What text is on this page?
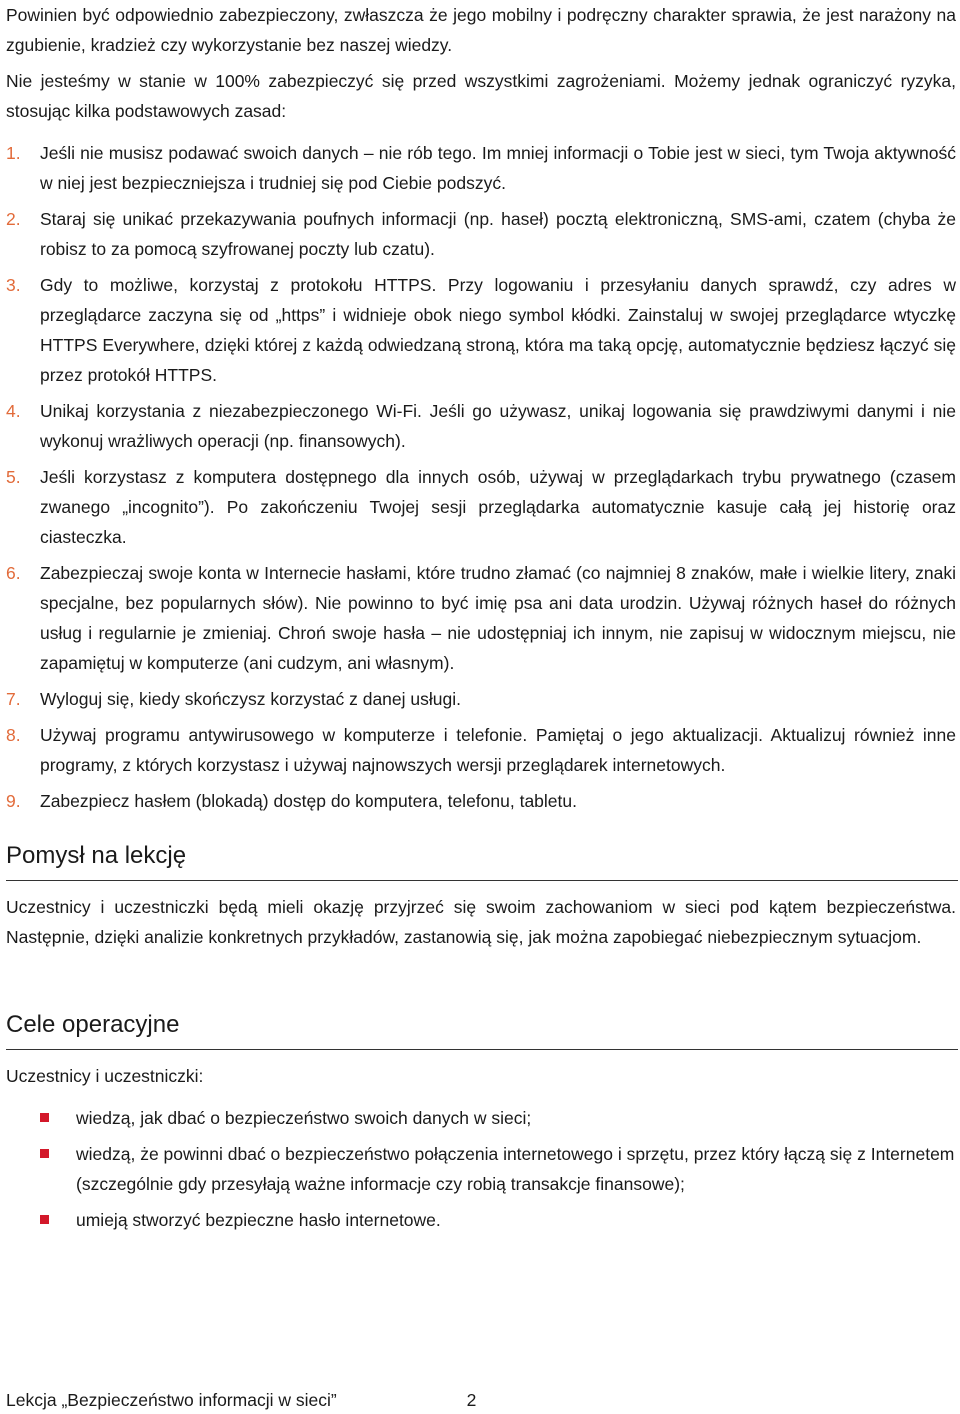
Powinien być odpowiednio zabezpieczony, zwłaszcza że jego mobilny i podręczny charakter sprawia, że jest narażony na zgubienie, kradzież czy wykorzystanie bez naszej wiedzy.

Nie jesteśmy w stanie w 100% zabezpieczyć się przed wszystkimi zagrożeniami. Możemy jednak ograniczyć ryzyka, stosując kilka podstawowych zasad:

1. Jeśli nie musisz podawać swoich danych – nie rób tego. Im mniej informacji o Tobie jest w sieci, tym Twoja aktywność w niej jest bezpieczniejsza i trudniej się pod Ciebie podszyć.
2. Staraj się unikać przekazywania poufnych informacji (np. haseł) pocztą elektroniczną, SMS-ami, czatem (chyba że robisz to za pomocą szyfrowanej poczty lub czatu).
3. Gdy to możliwe, korzystaj z protokołu HTTPS. Przy logowaniu i przesyłaniu danych sprawdź, czy adres w przeglądarce zaczyna się od „https” i widnieje obok niego symbol kłódki. Zainstaluj w swojej przeglądarce wtyczkę HTTPS Everywhere, dzięki której z każdą odwiedzaną stroną, która ma taką opcję, automatycznie będziesz łączyć się przez protokół HTTPS.
4. Unikaj korzystania z niezabezpieczonego Wi-Fi. Jeśli go używasz, unikaj logowania się prawdziwymi danymi i nie wykonuj wrażliwych operacji (np. finansowych).
5. Jeśli korzystasz z komputera dostępnego dla innych osób, używaj w przeglądarkach trybu prywatnego (czasem zwanego „incognito”). Po zakończeniu Twojej sesji przeglądarka automatycznie kasuje całą jej historię oraz ciasteczka.
6. Zabezpieczaj swoje konta w Internecie hasłami, które trudno złamać (co najmniej 8 znaków, małe i wielkie litery, znaki specjalne, bez popularnych słów). Nie powinno to być imię psa ani data urodzin. Używaj różnych haseł do różnych usług i regularnie je zmieniaj. Chroń swoje hasła – nie udostępniaj ich innym, nie zapisuj w widocznym miejscu, nie zapamiętuj w komputerze (ani cudzym, ani własnym).
7. Wyloguj się, kiedy skończysz korzystać z danej usługi.
8. Używaj programu antywirusowego w komputerze i telefonie. Pamiętaj o jego aktualizacji. Aktualizuj również inne programy, z których korzystasz i używaj najnowszych wersji przeglądarek internetowych.
9. Zabezpiecz hasłem (blokadą) dostęp do komputera, telefonu, tabletu.
Pomysł na lekcję

Uczestnicy i uczestniczki będą mieli okazję przyjrzeć się swoim zachowaniom w sieci pod kątem bezpieczeństwa. Następnie, dzięki analizie konkretnych przykładów, zastanowią się, jak można zapobiegać niebezpiecznym sytuacjom.

Cele operacyjne

Uczestnicy i uczestniczki:

wiedzą, jak dbać o bezpieczeństwo swoich danych w sieci;
wiedzą, że powinni dbać o bezpieczeństwo połączenia internetowego i sprzętu, przez który łączą się z Internetem (szczególnie gdy przesyłają ważne informacje czy robią transakcje finansowe);
umieją stworzyć bezpieczne hasło internetowe.
Lekcja „Bezpieczeństwo informacji w sieci”	2
